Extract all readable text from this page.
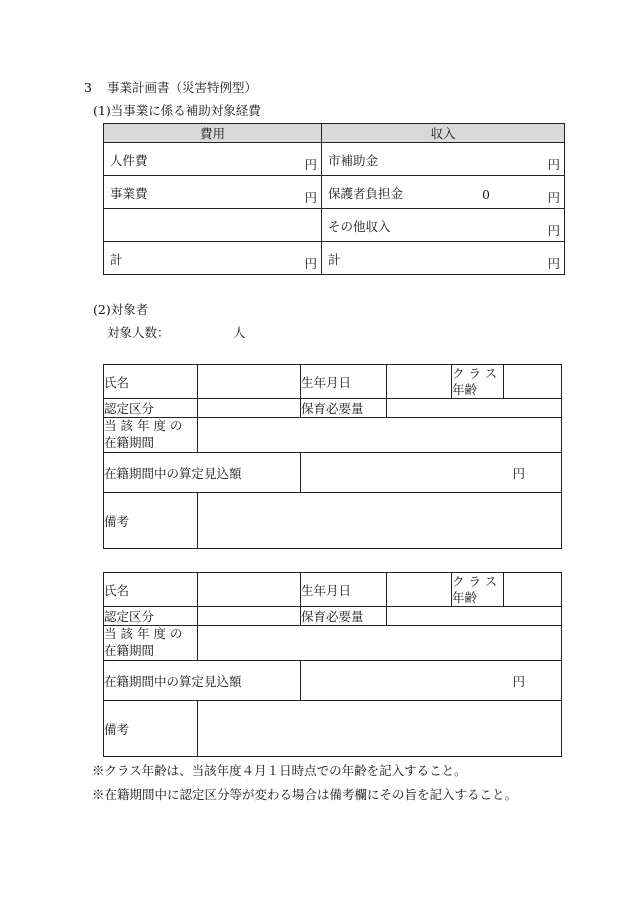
3 事業計画書（災害特例型）
(1)当事業に係る補助対象経費
費用	収入

人件費 円	市補助金 円

事業費 円	保護者負担金 0 円

	その他収入 円

計 円	計 円
(2)対象者
対象人数：	人
氏名		生年月日		クラス
年齢	

認定区分		保育必要量			

当該年度の
在籍期間					

在籍期間中の算定見込額		円			
備考					
氏名		生年月日		クラス
年齢	

認定区分		保育必要量			

当該年度の
在籍期間					

在籍期間中の算定見込額		円			
備考					
※クラス年齢は、当該年度４月１日時点での年齢を記入すること。
※在籍期間中に認定区分等が変わる場合は備考欄にその旨を記入すること。
